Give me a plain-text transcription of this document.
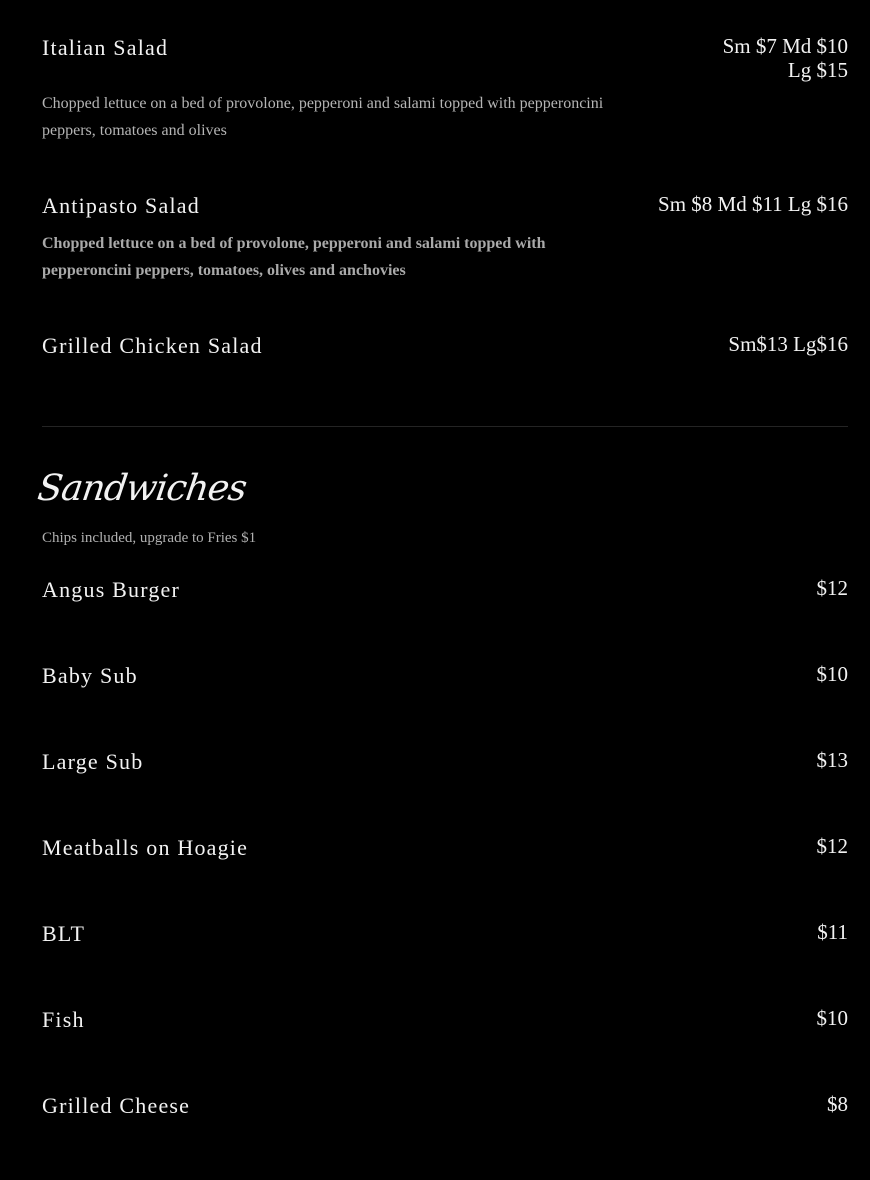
Italian Salad	Sm $7 Md $10
Lg $15
Chopped lettuce on a bed of provolone, pepperoni and salami topped with pepperoncini peppers, tomatoes and olives
Antipasto Salad	Sm $8 Md $11 Lg $16
Chopped lettuce on a bed of provolone, pepperoni and salami topped with pepperoncini peppers, tomatoes, olives and anchovies
Grilled Chicken Salad	Sm$13 Lg$16
Sandwiches
Chips included, upgrade to Fries $1
Angus Burger	$12
Baby Sub	$10
Large Sub	$13
Meatballs on Hoagie	$12
BLT	$11
Fish	$10
Grilled Cheese	$8
